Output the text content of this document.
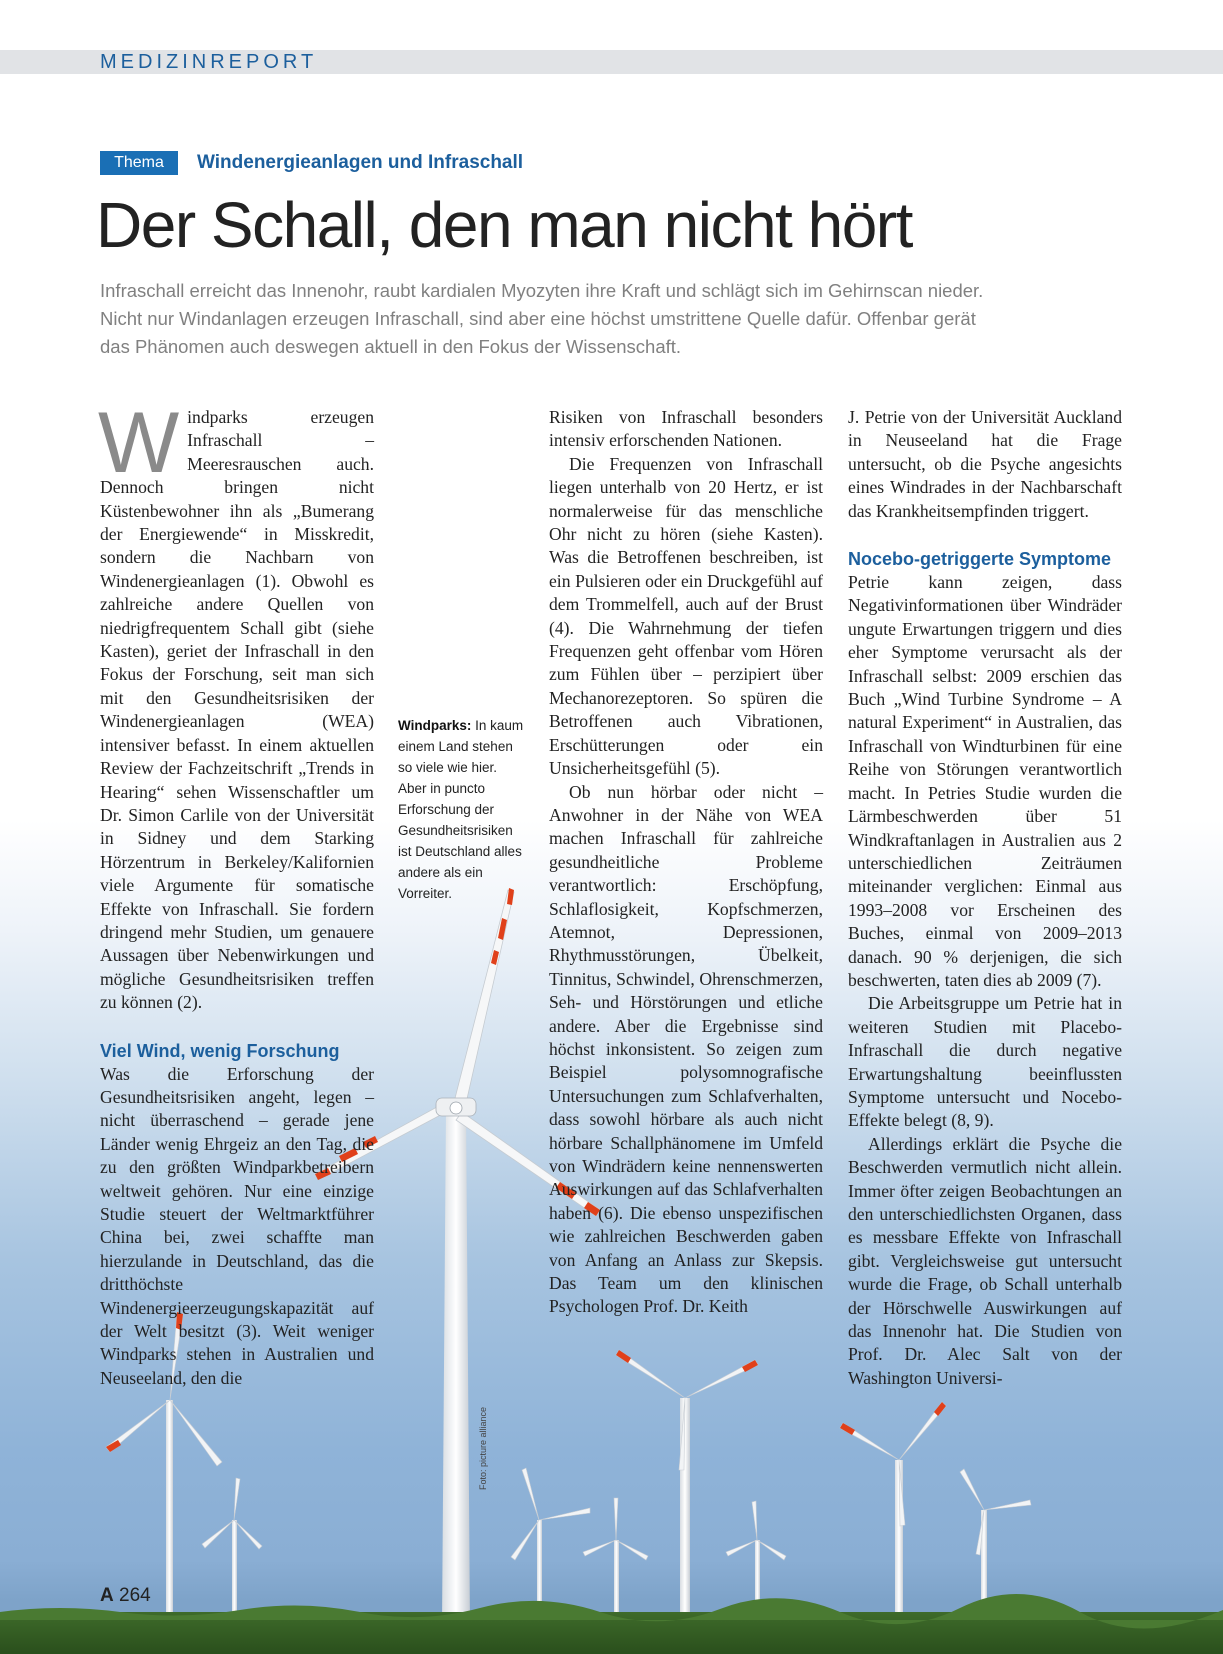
MEDIZINREPORT
Thema	Windenergieanlagen und Infraschall
Der Schall, den man nicht hört
Infraschall erreicht das Innenohr, raubt kardialen Myozyten ihre Kraft und schlägt sich im Gehirnscan nieder. Nicht nur Windanlagen erzeugen Infraschall, sind aber eine höchst umstrittene Quelle dafür. Offenbar gerät das Phänomen auch deswegen aktuell in den Fokus der Wissenschaft.
W indparks erzeugen Infraschall – Meeresrauschen auch. Dennoch bringen nicht Küstenbewohner ihn als „Bumerang der Energiewende“ in Misskredit, sondern die Nachbarn von Windenergieanlagen (1). Obwohl es zahlreiche andere Quellen von niedrigfrequentem Schall gibt (siehe Kasten), geriet der Infraschall in den Fokus der Forschung, seit man sich mit den Gesundheitsrisiken der Windenergieanlagen (WEA) intensiver befasst. In einem aktuellen Review der Fachzeitschrift „Trends in Hearing“ sehen Wissenschaftler um Dr. Simon Carlile von der Universität in Sidney und dem Starking Hörzentrum in Berkeley/Kalifornien viele Argumente für somatische Effekte von Infraschall. Sie fordern dringend mehr Studien, um genauere Aussagen über Nebenwirkungen und mögliche Gesundheitsrisiken treffen zu können (2).

Viel Wind, wenig Forschung

Was die Erforschung der Gesundheitsrisiken angeht, legen – nicht überraschend – gerade jene Länder wenig Ehrgeiz an den Tag, die zu den größten Windparkbetreibern weltweit gehören. Nur eine einzige Studie steuert der Weltmarktführer China bei, zwei schaffte man hierzulande in Deutschland, das die dritthöchste Windenergieerzeugungskapazität auf der Welt besitzt (3). Weit weniger Windparks stehen in Australien und Neuseeland, den die

Windparks: In kaum einem Land stehen so viele wie hier. Aber in puncto Erforschung der Gesundheitsrisiken ist Deutschland alles andere als ein Vorreiter.

Risiken von Infraschall besonders intensiv erforschenden Nationen.

Die Frequenzen von Infraschall liegen unterhalb von 20 Hertz, er ist normalerweise für das menschliche Ohr nicht zu hören (siehe Kasten). Was die Betroffenen beschreiben, ist ein Pulsieren oder ein Druckgefühl auf dem Trommelfell, auch auf der Brust (4). Die Wahrnehmung der tiefen Frequenzen geht offenbar vom Hören zum Fühlen über – perzipiert über Mechanorezeptoren. So spüren die Betroffenen auch Vibrationen, Erschütterungen oder ein Unsicherheitsgefühl (5).

Ob nun hörbar oder nicht – Anwohner in der Nähe von WEA machen Infraschall für zahlreiche gesundheitliche Probleme verantwortlich: Erschöpfung, Schlaflosigkeit, Kopfschmerzen, Atemnot, Depressionen, Rhythmusstörungen, Übelkeit, Tinnitus, Schwindel, Ohrenschmerzen, Seh- und Hörstörungen und etliche andere. Aber die Ergebnisse sind höchst inkonsistent. So zeigen zum Beispiel polysomnografische Untersuchungen zum Schlafverhalten, dass sowohl hörbare als auch nicht hörbare Schallphänomene im Umfeld von Windrädern keine nennenswerten Auswirkungen auf das Schlafverhalten haben (6). Die ebenso unspezifischen wie zahlreichen Beschwerden gaben von Anfang an Anlass zur Skepsis. Das Team um den klinischen Psychologen Prof. Dr. Keith

J. Petrie von der Universität Auckland in Neuseeland hat die Frage untersucht, ob die Psyche angesichts eines Windrades in der Nachbarschaft das Krankheitsempfinden triggert.

Nocebo-getriggerte Symptome

Petrie kann zeigen, dass Negativinformationen über Windräder ungute Erwartungen triggern und dies eher Symptome verursacht als der Infraschall selbst: 2009 erschien das Buch „Wind Turbine Syndrome – A natural Experiment“ in Australien, das Infraschall von Windturbinen für eine Reihe von Störungen verantwortlich macht. In Petries Studie wurden die Lärmbeschwerden über 51 Windkraftanlagen in Australien aus 2 unterschiedlichen Zeiträumen miteinander verglichen: Einmal aus 1993–2008 vor Erscheinen des Buches, einmal von 2009–2013 danach. 90 % derjenigen, die sich beschwerten, taten dies ab 2009 (7).

Die Arbeitsgruppe um Petrie hat in weiteren Studien mit Placebo-Infraschall die durch negative Erwartungshaltung beeinflussten Symptome untersucht und Nocebo-Effekte belegt (8, 9).

Allerdings erklärt die Psyche die Beschwerden vermutlich nicht allein. Immer öfter zeigen Beobachtungen an den unterschiedlichsten Organen, dass es messbare Effekte von Infraschall gibt. Vergleichsweise gut untersucht wurde die Frage, ob Schall unterhalb der Hörschwelle Auswirkungen auf das Innenohr hat. Die Studien von Prof. Dr. Alec Salt von der Washington Universi-

Foto: picture alliance
A 264
